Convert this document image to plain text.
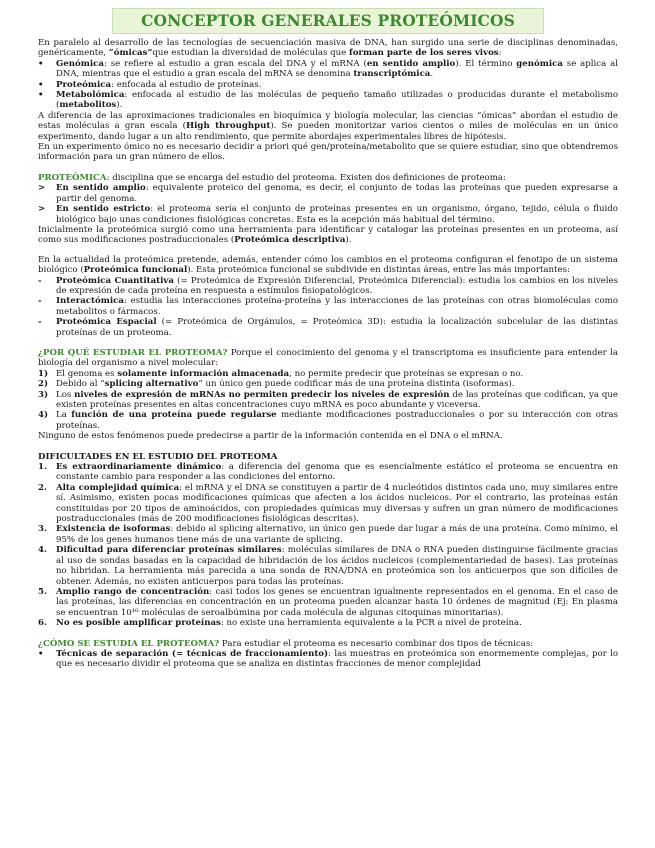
CONCEPTOR GENERALES PROTEÓMICOS

En paralelo al desarrollo de las tecnologías de secuenciación masiva de DNA, han surgido una serie de disciplinas denominadas, genéricamente, “ómicas”que estudian la diversidad de moléculas que forman parte de los seres vivos:

• Genómica: se refiere al estudio a gran escala del DNA y el mRNA (en sentido amplio). El término genómica se aplica al DNA, mientras que el estudio a gran escala del mRNA se denomina transcriptómica.
• Proteómica: enfocada al estudio de proteínas.
• Metabolómica: enfocada al estudio de las moléculas de pequeño tamaño utilizadas o producidas durante el metabolismo (metabolitos).

A diferencia de las aproximaciones tradicionales en bioquímica y biología molecular, las ciencias “ómicas” abordan el estudio de estas moléculas a gran escala (High throughput). Se pueden monitorizar varios cientos o miles de moléculas en un único experimento, dando lugar a un alto rendimiento, que permite abordajes experimentales libres de hipótesis.

En un experimento ómico no es necesario decidir a priori qué gen/proteína/metabolito que se quiere estudiar, sino que obtendremos información para un gran número de ellos.

PROTEÓMICA: disciplina que se encarga del estudio del proteoma. Existen dos definiciones de proteoma:

> En sentido amplio: equivalente proteico del genoma, es decir, el conjunto de todas las proteínas que pueden expresarse a partir del genoma.
> En sentido estricto: el proteoma sería el conjunto de proteínas presentes en un organismo, órgano, tejido, célula o fluido biológico bajo unas condiciones fisiológicas concretas. Esta es la acepción más habitual del término.

Inicialmente la proteómica surgió como una herramienta para identificar y catalogar las proteínas presentes en un proteoma, así como sus modificaciones postraduccionales (Proteómica descriptiva).

En la actualidad la proteómica pretende, además, entender cómo los cambios en el proteoma configuran el fenotipo de un sistema biológico (Proteómica funcional). Esta proteómica funcional se subdivide en distintas áreas, entre las más importantes:

- Proteómica Cuantitativa (= Proteómica de Expresión Diferencial, Proteómica Diferencial): estudia los cambios en los niveles de expresión de cada proteína en respuesta a estímulos fisiopatológicos.
- Interactómica: estudia las interacciones proteína-proteína y las interacciones de las proteínas con otras biomoléculas como metabolitos o fármacos.
- Proteómica Espacial (= Proteómica de Orgánulos, = Proteómica 3D): estudia la localización subcelular de las distintas proteínas de un proteoma.

¿POR QUÉ ESTUDIAR EL PROTEOMA? Porque el conocimiento del genoma y el transcriptoma es insuficiente para entender la biología del organismo a nivel molecular:

1) El genoma es solamente información almacenada, no permite predecir que proteínas se expresan o no.
2) Debido al “splicing alternativo” un único gen puede codificar más de una proteína distinta (isoformas).
3) Los niveles de expresión de mRNAs no permiten predecir los niveles de expresión de las proteínas que codifican, ya que existen proteínas presentes en altas concentraciones cuyo mRNA es poco abundante y viceversa.
4) La función de una proteína puede regularse mediante modificaciones postraduccionales o por su interacción con otras proteínas.

Ninguno de estos fenómenos puede predecirse a partir de la información contenida en el DNA o el mRNA.

DIFICULTADES EN EL ESTUDIO DEL PROTEOMA

1. Es extraordinariamente dinámico: a diferencia del genoma que es esencialmente estático el proteoma se encuentra en constante cambio para responder a las condiciones del entorno.
2. Alta complejidad química: el mRNA y el DNA se constituyen a partir de 4 nucleótidos distintos cada uno, muy similares entre sí. Asimismo, existen pocas modificaciones químicas que afecten a los ácidos nucleicos. Por el contrario, las proteínas están constituidas por 20 tipos de aminoácidos, con propiedades químicas muy diversas y sufren un gran número de modificaciones postraduccionales (más de 200 modificaciones fisiológicas descritas).
3. Existencia de isoformas: debido al splicing alternativo, un único gen puede dar lugar a más de una proteína. Como mínimo, el 95% de los genes humanos tiene más de una variante de splicing.
4. Dificultad para diferenciar proteínas similares: moléculas similares de DNA o RNA pueden distinguirse fácilmente gracias al uso de sondas basadas en la capacidad de hibridación de los ácidos nucleicos (complementariedad de bases). Las proteínas no hibridan. La herramienta más parecida a una sonda de RNA/DNA en proteómica son los anticuerpos que son difíciles de obtener. Además, no existen anticuerpos para todas las proteínas.
5. Amplio rango de concentración: casi todos los genes se encuentran igualmente representados en el genoma. En el caso de las proteínas, las diferencias en concentración en un proteoma pueden alcanzar hasta 10 órdenes de magnitud (Ej: En plasma se encuentran 10¹⁰ moléculas de seroalbúmina por cada molécula de algunas citoquinas minoritarias).
6. No es posible amplificar proteínas: no existe una herramienta equivalente a la PCR a nivel de proteína.

¿CÓMO SE ESTUDIA EL PROTEOMA? Para estudiar el proteoma es necesario combinar dos tipos de técnicas:

• Técnicas de separación (= técnicas de fraccionamiento): las muestras en proteómica son enormemente complejas, por lo que es necesario dividir el proteoma que se analiza en distintas fracciones de menor complejidad
